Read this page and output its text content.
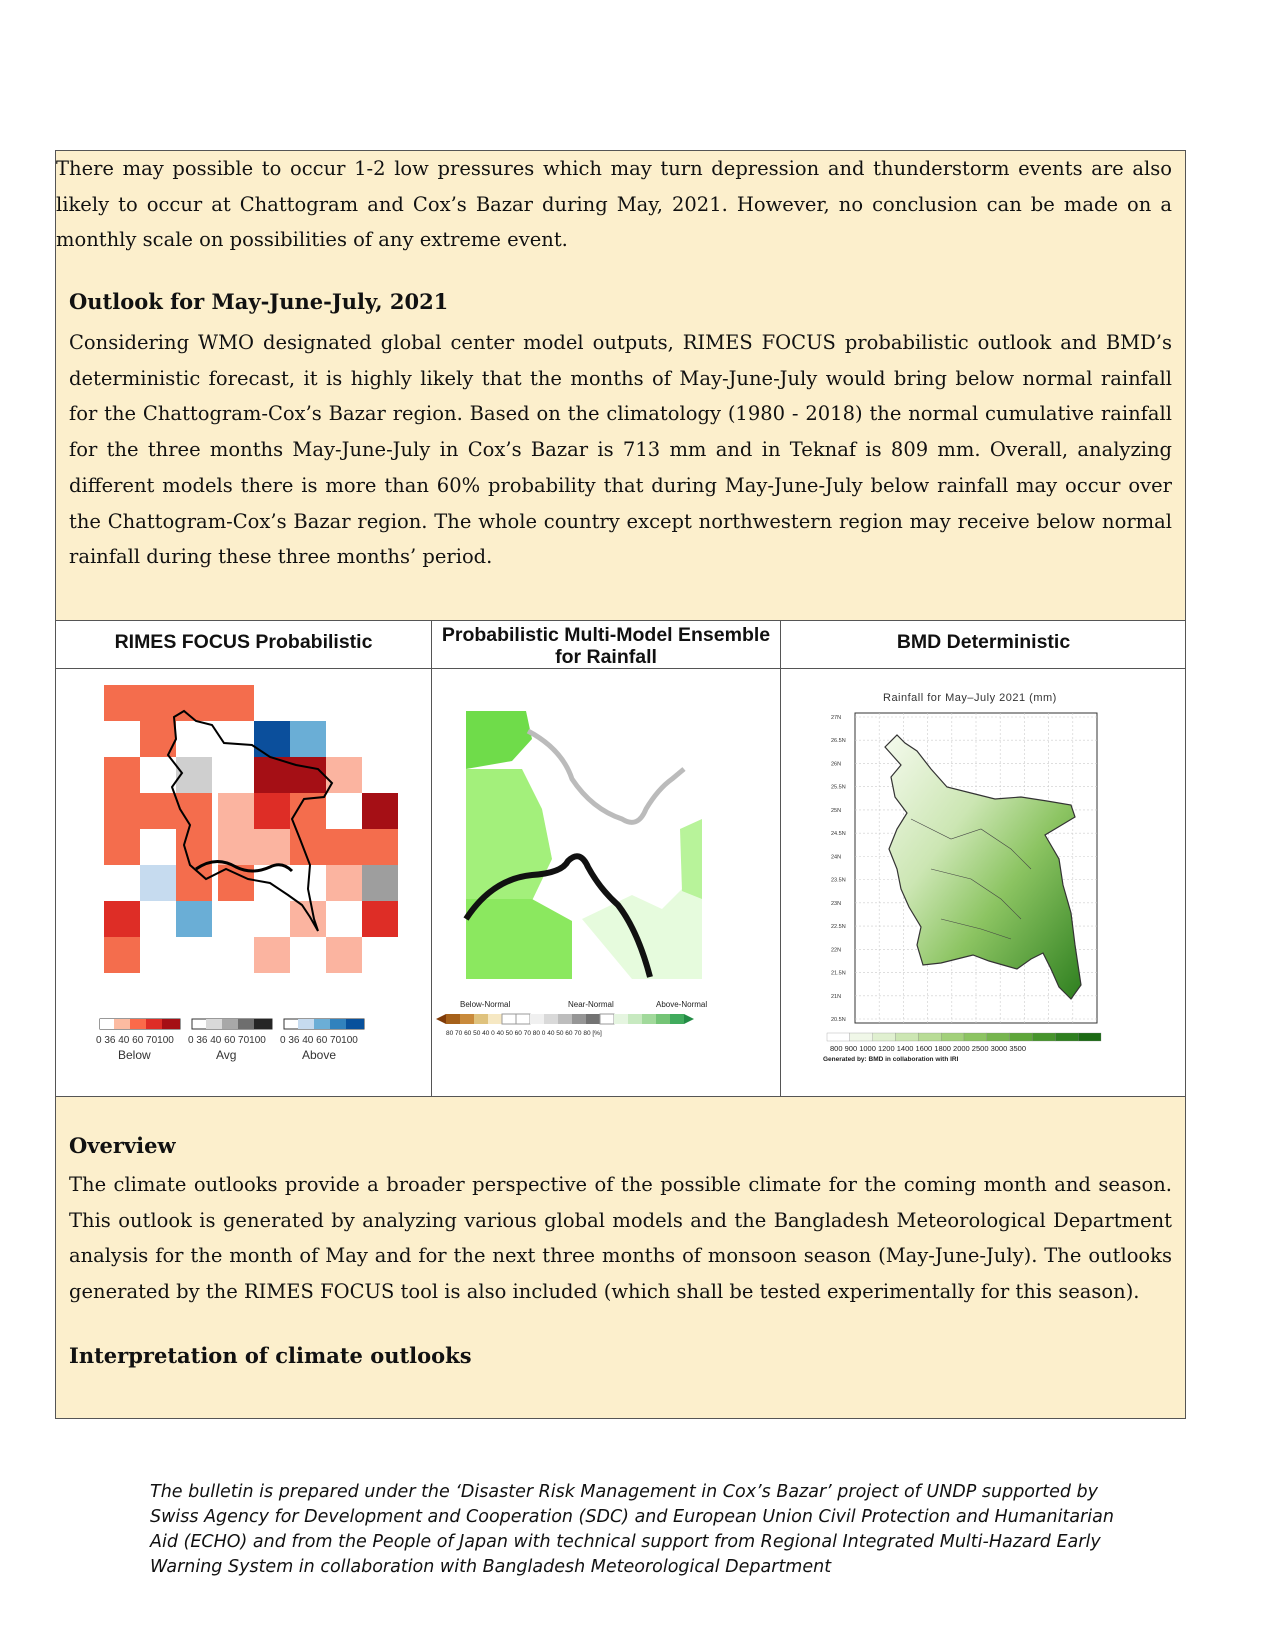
There may possible to occur 1-2 low pressures which may turn depression and thunderstorm events are also likely to occur at Chattogram and Cox’s Bazar during May, 2021. However, no conclusion can be made on a monthly scale on possibilities of any extreme event.

Outlook for May-June-July, 2021

Considering WMO designated global center model outputs, RIMES FOCUS probabilistic outlook and BMD’s deterministic forecast, it is highly likely that the months of May-June-July would bring below normal rainfall for the Chattogram-Cox’s Bazar region. Based on the climatology (1980 - 2018) the normal cumulative rainfall for the three months May-June-July in Cox’s Bazar is 713 mm and in Teknaf is 809 mm. Overall, analyzing different models there is more than 60% probability that during May-June-July below rainfall may occur over the Chattogram-Cox’s Bazar region. The whole country except northwestern region may receive below normal rainfall during these three months’ period.

RIMES FOCUS Probabilistic
0 36 40 60 70100 0 36 40 60 70100 0 36 40 60 70100
Below	Avg	Above
Probabilistic Multi-Model Ensemble for Rainfall
Below-Normal	Near-Normal	Above-Normal
80 70 60 50 40 0 40 50 60 70 80 0 40 50 60 70 80 [%]
BMD Deterministic
Rainfall for May–July 2021 (mm)
27N
26.5N
26N
25.5N
25N
24.5N
24N
23.5N
23N
22.5N
22N
21.5N
21N
20.5N
800 900 1000 1200 1400 1600 1800 2000 2500 3000 3500
Generated by: BMD in collaboration with IRI
Overview

The climate outlooks provide a broader perspective of the possible climate for the coming month and season. This outlook is generated by analyzing various global models and the Bangladesh Meteorological Department analysis for the month of May and for the next three months of monsoon season (May-June-July). The outlooks generated by the RIMES FOCUS tool is also included (which shall be tested experimentally for this season).

Interpretation of climate outlooks
The bulletin is prepared under the ‘Disaster Risk Management in Cox’s Bazar’ project of UNDP supported by Swiss Agency for Development and Cooperation (SDC) and European Union Civil Protection and Humanitarian Aid (ECHO) and from the People of Japan with technical support from Regional Integrated Multi-Hazard Early Warning System in collaboration with Bangladesh Meteorological Department
